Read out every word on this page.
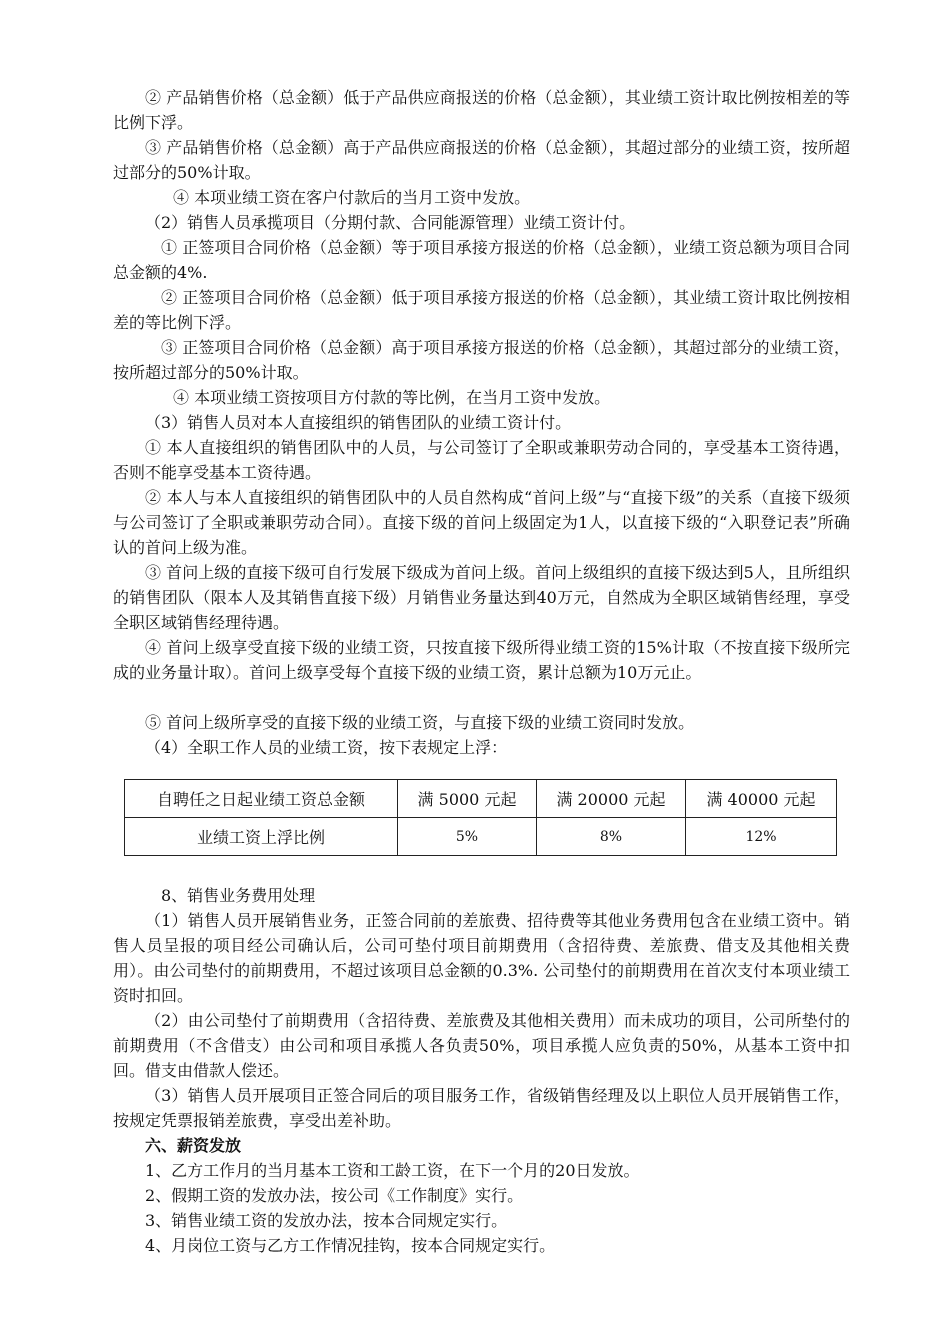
② 产品销售价格（总金额）低于产品供应商报送的价格（总金额），其业绩工资计取比例按相差的等比例下浮。

③ 产品销售价格（总金额）高于产品供应商报送的价格（总金额），其超过部分的业绩工资，按所超过部分的50%计取。

④ 本项业绩工资在客户付款后的当月工资中发放。

（2）销售人员承揽项目（分期付款、合同能源管理）业绩工资计付。

① 正签项目合同价格（总金额）等于项目承接方报送的价格（总金额），业绩工资总额为项目合同总金额的4%.

② 正签项目合同价格（总金额）低于项目承接方报送的价格（总金额），其业绩工资计取比例按相差的等比例下浮。

③ 正签项目合同价格（总金额）高于项目承接方报送的价格（总金额），其超过部分的业绩工资，按所超过部分的50%计取。

④ 本项业绩工资按项目方付款的等比例，在当月工资中发放。

（3）销售人员对本人直接组织的销售团队的业绩工资计付。

① 本人直接组织的销售团队中的人员，与公司签订了全职或兼职劳动合同的，享受基本工资待遇，否则不能享受基本工资待遇。

② 本人与本人直接组织的销售团队中的人员自然构成“首问上级”与“直接下级”的关系（直接下级须与公司签订了全职或兼职劳动合同）。直接下级的首问上级固定为1人，以直接下级的“入职登记表”所确认的首问上级为准。

③ 首问上级的直接下级可自行发展下级成为首问上级。首问上级组织的直接下级达到5人，且所组织的销售团队（限本人及其销售直接下级）月销售业务量达到40万元，自然成为全职区域销售经理，享受全职区域销售经理待遇。

④ 首问上级享受直接下级的业绩工资，只按直接下级所得业绩工资的15%计取（不按直接下级所完成的业务量计取）。首问上级享受每个直接下级的业绩工资，累计总额为10万元止。

⑤ 首问上级所享受的直接下级的业绩工资，与直接下级的业绩工资同时发放。

（4）全职工作人员的业绩工资，按下表规定上浮：

自聘任之日起业绩工资总金额	满 5000 元起	满 20000 元起	满 40000 元起
业绩工资上浮比例	5%	8%	12%

8、销售业务费用处理

（1）销售人员开展销售业务，正签合同前的差旅费、招待费等其他业务费用包含在业绩工资中。销售人员呈报的项目经公司确认后，公司可垫付项目前期费用（含招待费、差旅费、借支及其他相关费用）。由公司垫付的前期费用，不超过该项目总金额的0.3%. 公司垫付的前期费用在首次支付本项业绩工资时扣回。

（2）由公司垫付了前期费用（含招待费、差旅费及其他相关费用）而未成功的项目，公司所垫付的前期费用（不含借支）由公司和项目承揽人各负责50%，项目承揽人应负责的50%，从基本工资中扣回。借支由借款人偿还。

（3）销售人员开展项目正签合同后的项目服务工作，省级销售经理及以上职位人员开展销售工作，按规定凭票报销差旅费，享受出差补助。

六、薪资发放

1、乙方工作月的当月基本工资和工龄工资，在下一个月的20日发放。

2、假期工资的发放办法，按公司《工作制度》实行。

3、销售业绩工资的发放办法，按本合同规定实行。

4、月岗位工资与乙方工作情况挂钩，按本合同规定实行。
